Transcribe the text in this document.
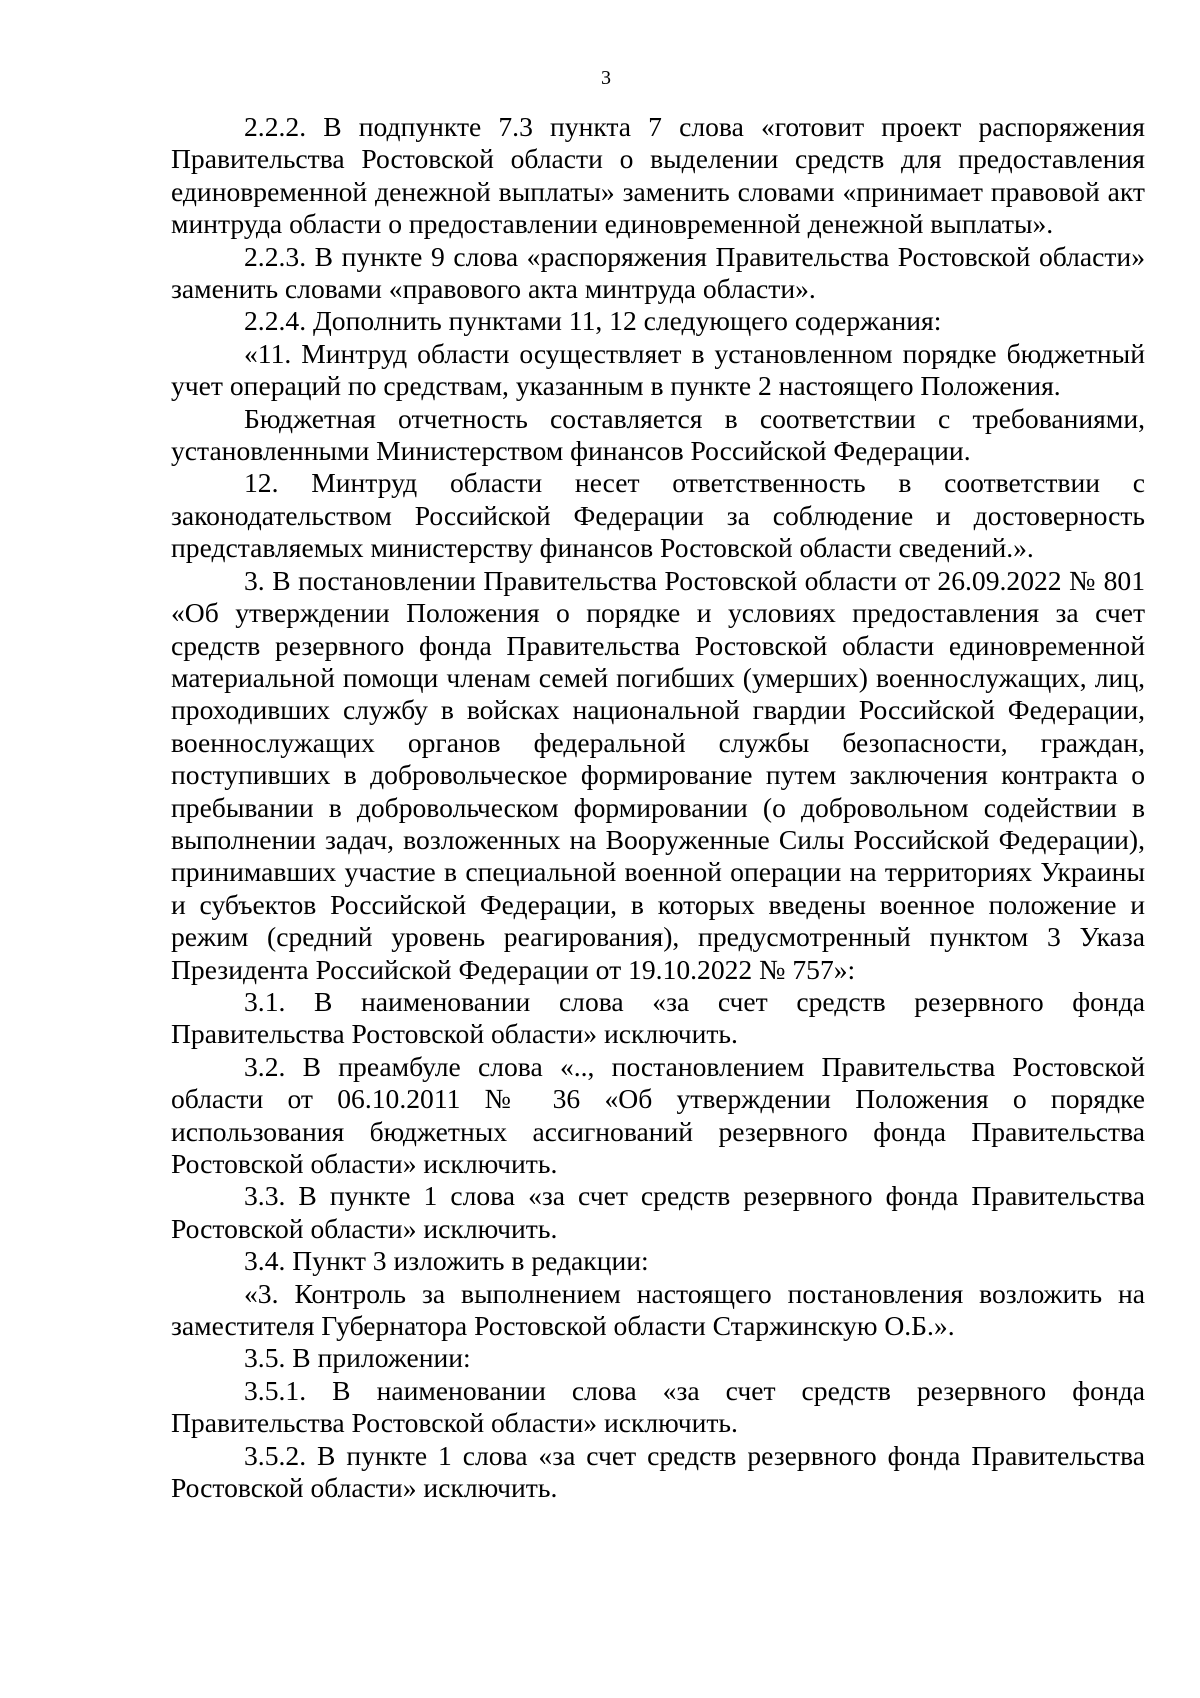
3

2.2.2. В подпункте 7.3 пункта 7 слова «готовит проект распоряжения Правительства Ростовской области о выделении средств для предоставления единовременной денежной выплаты» заменить словами «принимает правовой акт минтруда области о предоставлении единовременной денежной выплаты».

2.2.3. В пункте 9 слова «распоряжения Правительства Ростовской области» заменить словами «правового акта минтруда области».

2.2.4. Дополнить пунктами 11, 12 следующего содержания:

«11. Минтруд области осуществляет в установленном порядке бюджетный учет операций по средствам, указанным в пункте 2 настоящего Положения.

Бюджетная отчетность составляется в соответствии с требованиями, установленными Министерством финансов Российской Федерации.

12. Минтруд области несет ответственность в соответствии с законодательством Российской Федерации за соблюдение и достоверность представляемых министерству финансов Ростовской области сведений.».

3. В постановлении Правительства Ростовской области от 26.09.2022 № 801 «Об утверждении Положения о порядке и условиях предоставления за счет средств резервного фонда Правительства Ростовской области единовременной материальной помощи членам семей погибших (умерших) военнослужащих, лиц, проходивших службу в войсках национальной гвардии Российской Федерации, военнослужащих органов федеральной службы безопасности, граждан, поступивших в добровольческое формирование путем заключения контракта о пребывании в добровольческом формировании (о добровольном содействии в выполнении задач, возложенных на Вооруженные Силы Российской Федерации), принимавших участие в специальной военной операции на территориях Украины и субъектов Российской Федерации, в которых введены военное положение и режим (средний уровень реагирования), предусмотренный пунктом 3 Указа Президента Российской Федерации от 19.10.2022 № 757»:

3.1. В наименовании слова «за счет средств резервного фонда Правительства Ростовской области» исключить.

3.2. В преамбуле слова «.., постановлением Правительства Ростовской области от 06.10.2011 № 36 «Об утверждении Положения о порядке использования бюджетных ассигнований резервного фонда Правительства Ростовской области» исключить.

3.3. В пункте 1 слова «за счет средств резервного фонда Правительства Ростовской области» исключить.

3.4. Пункт 3 изложить в редакции:

«3. Контроль за выполнением настоящего постановления возложить на заместителя Губернатора Ростовской области Старжинскую О.Б.».

3.5. В приложении:

3.5.1. В наименовании слова «за счет средств резервного фонда Правительства Ростовской области» исключить.

3.5.2. В пункте 1 слова «за счет средств резервного фонда Правительства Ростовской области» исключить.
